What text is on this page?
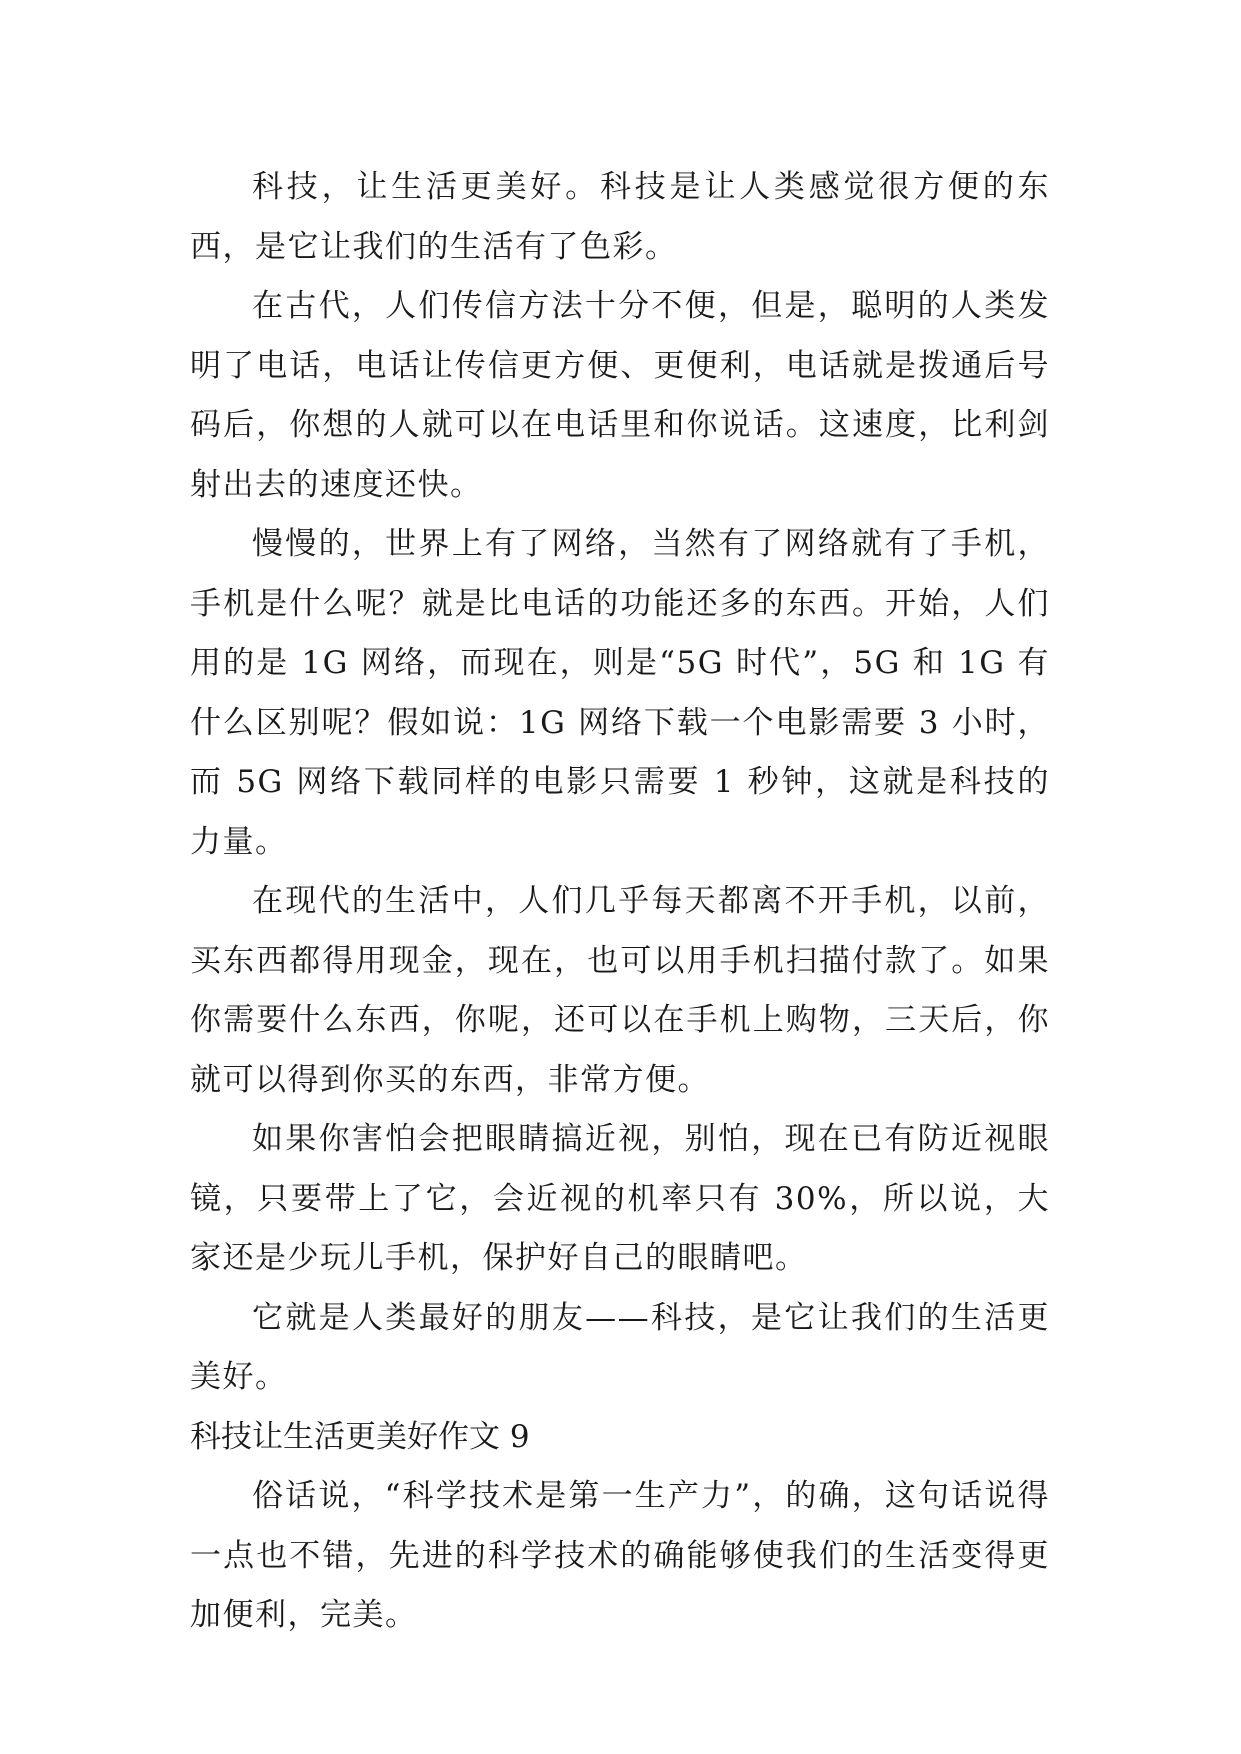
科技，让生活更美好。科技是让人类感觉很方便的东西，是它让我们的生活有了色彩。

在古代，人们传信方法十分不便，但是，聪明的人类发明了电话，电话让传信更方便、更便利，电话就是拨通后号码后，你想的人就可以在电话里和你说话。这速度，比利剑射出去的速度还快。

慢慢的，世界上有了网络，当然有了网络就有了手机，手机是什么呢？就是比电话的功能还多的东西。开始，人们用的是 1G 网络，而现在，则是“5G 时代”，5G 和 1G 有什么区别呢？假如说：1G 网络下载一个电影需要 3 小时，而 5G 网络下载同样的电影只需要 1 秒钟，这就是科技的力量。

在现代的生活中，人们几乎每天都离不开手机，以前，买东西都得用现金，现在，也可以用手机扫描付款了。如果你需要什么东西，你呢，还可以在手机上购物，三天后，你就可以得到你买的东西，非常方便。

如果你害怕会把眼睛搞近视，别怕，现在已有防近视眼镜，只要带上了它，会近视的机率只有 30%，所以说，大家还是少玩儿手机，保护好自己的眼睛吧。

它就是人类最好的朋友——科技，是它让我们的生活更美好。

科技让生活更美好作文 9

俗话说，“科学技术是第一生产力”，的确，这句话说得一点也不错，先进的科学技术的确能够使我们的生活变得更加便利，完美。
